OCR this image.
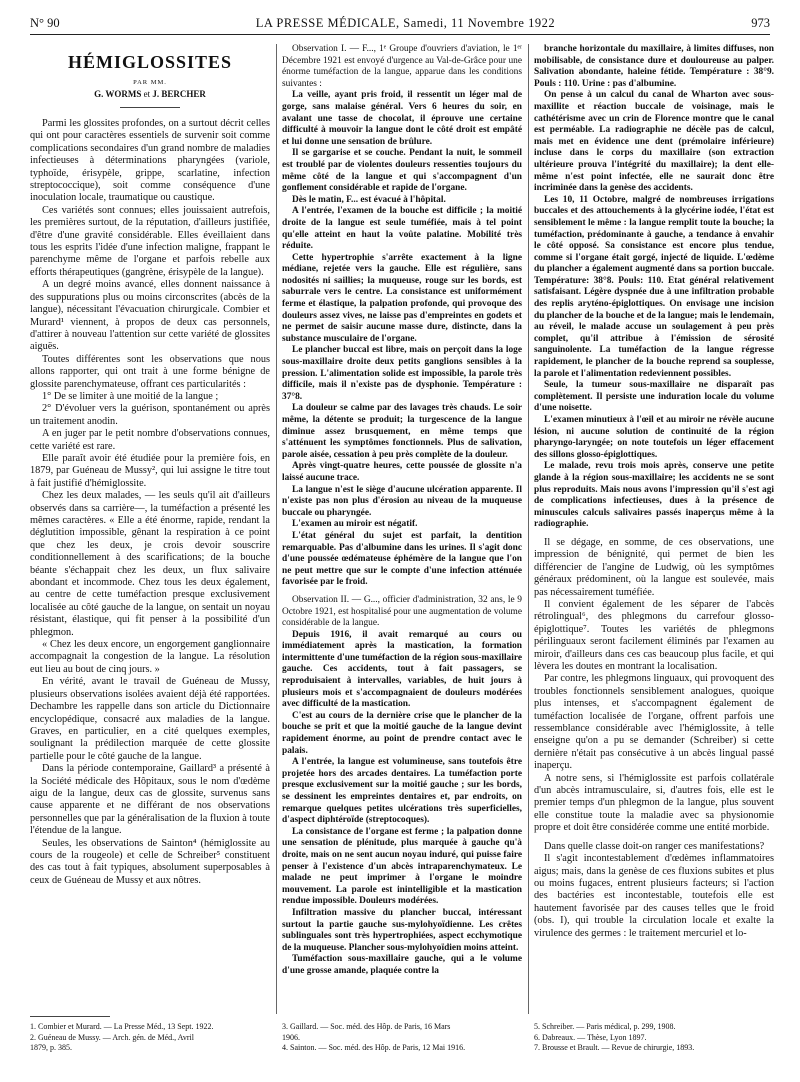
N° 90	LA PRESSE MÉDICALE, Samedi, 11 Novembre 1922	973
HÉMIGLOSSITES
PAR MM.
G. WORMS et J. BERCHER

Parmi les glossites profondes, on a surtout décrit celles qui ont pour caractères essentiels de survenir soit comme complications secondaires d'un grand nombre de maladies infectieuses à déterminations pharyngées (variole, typhoïde, érisypèle, grippe, scarlatine, infection streptococcique), soit comme conséquence d'une inoculation locale, traumatique ou caustique.

Ces variétés sont connues; elles jouissaient autrefois, les premières surtout, de la réputation, d'ailleurs justifiée, d'être d'une gravité considérable. Elles éveillaient dans tous les esprits l'idée d'une infection maligne, frappant le parenchyme même de l'organe et parfois rebelle aux efforts thérapeutiques (gangrène, érisypèle de la langue).

A un degré moins avancé, elles donnent naissance à des suppurations plus ou moins circonscrites (abcès de la langue), nécessitant l'évacuation chirurgicale. Combier et Murard¹ viennent, à propos de deux cas personnels, d'attirer à nouveau l'attention sur cette variété de glossites aiguës.

Toutes différentes sont les observations que nous allons rapporter, qui ont trait à une forme bénigne de glossite parenchymateuse, offrant ces particularités :

1° De se limiter à une moitié de la langue ;

2° D'évoluer vers la guérison, spontanément ou après un traitement anodin.

A en juger par le petit nombre d'observations connues, cette variété est rare.

Elle paraît avoir été étudiée pour la première fois, en 1879, par Guéneau de Mussy², qui lui assigne le titre tout à fait justifié d'hémiglossite.

Chez les deux malades, — les seuls qu'il ait d'ailleurs observés dans sa carrière—, la tuméfaction a présenté les mêmes caractères. « Elle a été énorme, rapide, rendant la déglutition impossible, gênant la respiration à ce point que chez les deux, je crois devoir souscrire conditionnellement à des scarifications; de la bouche béante s'échappait chez les deux, un flux salivaire abondant et incommode. Chez tous les deux également, au centre de cette tuméfaction presque exclusivement localisée au côté gauche de la langue, on sentait un noyau résistant, élastique, qui fit penser à la possibilité d'un phlegmon.

« Chez les deux encore, un engorgement ganglionnaire accompagnait la congestion de la langue. La résolution eut lieu au bout de cinq jours. »

En vérité, avant le travail de Guéneau de Mussy, plusieurs observations isolées avaient déjà été rapportées. Dechambre les rappelle dans son article du Dictionnaire encyclopédique, consacré aux maladies de la langue. Graves, en particulier, en a cité quelques exemples, soulignant la prédilection marquée de cette glossite partielle pour le côté gauche de la langue.

Dans la période contemporaine, Gaillard³ a présenté à la Société médicale des Hôpitaux, sous le nom d'œdème aigu de la langue, deux cas de glossite, survenus sans cause apparente et ne différant de nos observations personnelles que par la généralisation de la fluxion à toute l'étendue de la langue.

Seules, les observations de Sainton⁴ (hémiglossite au cours de la rougeole) et celle de Schreiber⁵ constituent des cas tout à fait typiques, absolument superposables à ceux de Guéneau de Mussy et aux nôtres.

Observation I. — F..., 1ᵉ Groupe d'ouvriers d'aviation, le 1ᵉʳ Décembre 1921 est envoyé d'urgence au Val-de-Grâce pour une énorme tuméfaction de la langue, apparue dans les conditions suivantes :

La veille, ayant pris froid, il ressentit un léger mal de gorge, sans malaise général. Vers 6 heures du soir, en avalant une tasse de chocolat, il éprouve une certaine difficulté à mouvoir la langue dont le côté droit est empâté et lui donne une sensation de brûlure.

Il se gargarise et se couche. Pendant la nuit, le sommeil est troublé par de violentes douleurs ressenties toujours du même côté de la langue et qui s'accompagnent d'un gonflement considérable et rapide de l'organe.

Dès le matin, F... est évacué à l'hôpital.

A l'entrée, l'examen de la bouche est difficile ; la moitié droite de la langue est seule tuméfiée, mais à tel point qu'elle atteint en haut la voûte palatine. Mobilité très réduite.

Cette hypertrophie s'arrête exactement à la ligne médiane, rejetée vers la gauche. Elle est régulière, sans nodosités ni saillies; la muqueuse, rouge sur les bords, est saburrale vers le centre. La consistance est uniformément ferme et élastique, la palpation profonde, qui provoque des douleurs assez vives, ne laisse pas d'empreintes en godets et ne permet de saisir aucune masse dure, distincte, dans la substance musculaire de l'organe.

Le plancher buccal est libre, mais on perçoit dans la loge sous-maxillaire droite deux petits ganglions sensibles à la pression. L'alimentation solide est impossible, la parole très difficile, mais il n'existe pas de dysphonie. Température : 37°8.

La douleur se calme par des lavages très chauds. Le soir même, la détente se produit; la turgescence de la langue diminue assez brusquement, en même temps que s'atténuent les symptômes fonctionnels. Plus de salivation, parole aisée, cessation à peu près complète de la douleur.

Après vingt-quatre heures, cette poussée de glossite n'a laissé aucune trace.

La langue n'est le siège d'aucune ulcération apparente. Il n'existe pas non plus d'érosion au niveau de la muqueuse buccale ou pharyngée.

L'examen au miroir est négatif.

L'état général du sujet est parfait, la dentition remarquable. Pas d'albumine dans les urines. Il s'agit donc d'une poussée œdémateuse éphémère de la langue que l'on ne peut mettre que sur le compte d'une infection atténuée favorisée par le froid.

Observation II. — G..., officier d'administration, 32 ans, le 9 Octobre 1921, est hospitalisé pour une augmentation de volume considérable de la langue.

Depuis 1916, il avait remarqué au cours ou immédiatement après la mastication, la formation intermittente d'une tuméfaction de la région sous-maxillaire gauche. Ces accidents, tout à fait passagers, se reproduisaient à intervalles, variables, de huit jours à plusieurs mois et s'accompagnaient de douleurs modérées avec difficulté de la mastication.

C'est au cours de la dernière crise que le plancher de la bouche se prit et que la moitié gauche de la langue devint rapidement énorme, au point de prendre contact avec le palais.

A l'entrée, la langue est volumineuse, sans toutefois être projetée hors des arcades dentaires. La tuméfaction porte presque exclusivement sur la moitié gauche ; sur les bords, se dessinent les empreintes dentaires et, par endroits, on remarque quelques petites ulcérations très superficielles, d'aspect diphtéroïde (streptocoques).

La consistance de l'organe est ferme ; la palpation donne une sensation de plénitude, plus marquée à gauche qu'à droite, mais on ne sent aucun noyau induré, qui puisse faire penser à l'existence d'un abcès intraparenchymateux. Le malade ne peut imprimer à l'organe le moindre mouvement. La parole est inintelligible et la mastication rendue impossible. Douleurs modérées.

Infiltration massive du plancher buccal, intéressant surtout la partie gauche sus-mylohyoïdienne. Les crêtes sublinguales sont très hypertrophiées, aspect ecchymotique de la muqueuse. Plancher sous-mylohyoïdien moins atteint.

Tuméfaction sous-maxillaire gauche, qui a le volume d'une grosse amande, plaquée contre la

branche horizontale du maxillaire, à limites diffuses, non mobilisable, de consistance dure et douloureuse au palper. Salivation abondante, haleine fétide. Température : 38°9. Pouls : 110. Urine : pas d'albumine.

On pense à un calcul du canal de Wharton avec sous-maxillite et réaction buccale de voisinage, mais le cathétérisme avec un crin de Florence montre que le canal est perméable. La radiographie ne décèle pas de calcul, mais met en évidence une dent (prémolaire inférieure) incluse dans le corps du maxillaire (son extraction ultérieure prouva l'intégrité du maxillaire); la dent elle-même n'est point infectée, elle ne saurait donc être incriminée dans la genèse des accidents.

Les 10, 11 Octobre, malgré de nombreuses irrigations buccales et des attouchements à la glycérine iodée, l'état est sensiblement le même : la langue remplit toute la bouche; la tuméfaction, prédominante à gauche, a tendance à envahir le côté opposé. Sa consistance est encore plus tendue, comme si l'organe était gorgé, injecté de liquide. L'œdème du plancher a également augmenté dans sa portion buccale. Température: 38°8. Pouls: 110. Etat général relativement satisfaisant. Légère dyspnée due à une infiltration probable des replis aryténo-épiglottiques. On envisage une incision du plancher de la bouche et de la langue; mais le lendemain, au réveil, le malade accuse un soulagement à peu près complet, qu'il attribue à l'émission de sérosité sanguinolente. La tuméfaction de la langue régresse rapidement, le plancher de la bouche reprend sa souplesse, la parole et l'alimentation redeviennent possibles.

Seule, la tumeur sous-maxillaire ne disparaît pas complètement. Il persiste une induration locale du volume d'une noisette.

L'examen minutieux à l'œil et au miroir ne révèle aucune lésion, ni aucune solution de continuité de la région pharyngo-laryngée; on note toutefois un léger effacement des sillons glosso-épiglottiques.

Le malade, revu trois mois après, conserve une petite glande à la région sous-maxillaire; les accidents ne se sont plus reproduits. Mais nous avons l'impression qu'il s'est agi de complications infectieuses, dues à la présence de minuscules calculs salivaires passés inaperçus même à la radiographie.

Il se dégage, en somme, de ces observations, une impression de bénignité, qui permet de bien les différencier de l'angine de Ludwig, où les symptômes généraux prédominent, où la langue est soulevée, mais pas nécessairement tuméfiée.

Il convient également de les séparer de l'abcès rétrolingual⁶, des phlegmons du carrefour glosso-épiglottique⁷. Toutes les variétés de phlegmons périlinguaux seront facilement éliminés par l'examen au miroir, d'ailleurs dans ces cas beaucoup plus facile, et qui lèvera les doutes en montrant la localisation.

Par contre, les phlegmons linguaux, qui provoquent des troubles fonctionnels sensiblement analogues, quoique plus intenses, et s'accompagnent également de tuméfaction localisée de l'organe, offrent parfois une ressemblance considérable avec l'hémiglossite, à telle enseigne qu'on a pu se demander (Schreiber) si cette dernière n'était pas consécutive à un abcès lingual passé inaperçu.

A notre sens, si l'hémiglossite est parfois collatérale d'un abcès intramusculaire, si, d'autres fois, elle est le premier temps d'un phlegmon de la langue, plus souvent elle constitue toute la maladie avec sa physionomie propre et doit être considérée comme une entité morbide.

Dans quelle classe doit-on ranger ces manifestations?

Il s'agit incontestablement d'œdèmes inflammatoires aigus; mais, dans la genèse de ces fluxions subites et plus ou moins fugaces, entrent plusieurs facteurs; si l'action des bactéries est incontestable, toutefois elle est hautement favorisée par des causes telles que le froid (obs. I), qui trouble la circulation locale et exalte la virulence des germes : le traitement mercuriel et lo-

1. Combier et Murard. — La Presse Méd., 13 Sept. 1922.
2. Guéneau de Mussy. — Arch. gén. de Méd., Avril
1879, p. 385.
3. Gaillard. — Soc. méd. des Hôp. de Paris, 16 Mars
1906.
4. Sainton. — Soc. méd. des Hôp. de Paris, 12 Mai 1916.
5. Schreiber. — Paris médical, p. 299, 1908.
6. Dabreaux. — Thèse, Lyon 1897.
7. Brousse et Brault. — Revue de chirurgie, 1893.
